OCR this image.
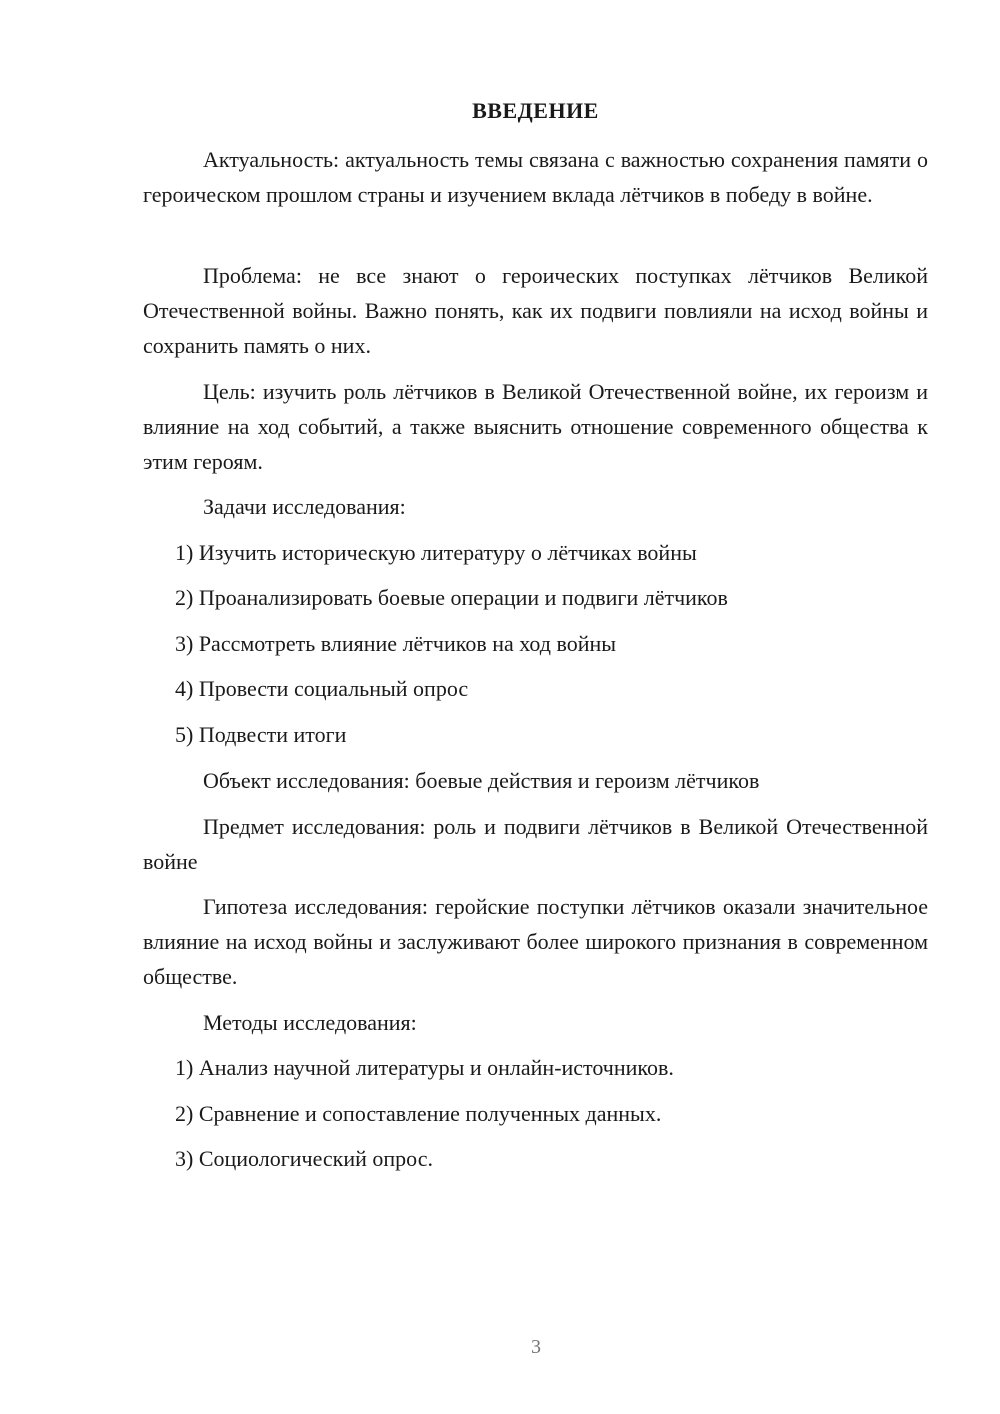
ВВЕДЕНИЕ

Актуальность: актуальность темы связана с важностью сохранения памяти о героическом прошлом страны и изучением вклада лётчиков в победу в войне.

Проблема: не все знают о героических поступках лётчиков Великой Отечественной войны. Важно понять, как их подвиги повлияли на исход войны и сохранить память о них.

Цель: изучить роль лётчиков в Великой Отечественной войне, их героизм и влияние на ход событий, а также выяснить отношение современного общества к этим героям.

Задачи исследования:

1) Изучить историческую литературу о лётчиках войны

2) Проанализировать боевые операции и подвиги лётчиков

3) Рассмотреть влияние лётчиков на ход войны

4) Провести социальный опрос

5) Подвести итоги

Объект исследования: боевые действия и героизм лётчиков

Предмет исследования: роль и подвиги лётчиков в Великой Отечественной войне

Гипотеза исследования: геройские поступки лётчиков оказали значительное влияние на исход войны и заслуживают более широкого признания в современном обществе.

Методы исследования:

1) Анализ научной литературы и онлайн-источников.

2) Сравнение и сопоставление полученных данных.

3) Социологический опрос.

3
